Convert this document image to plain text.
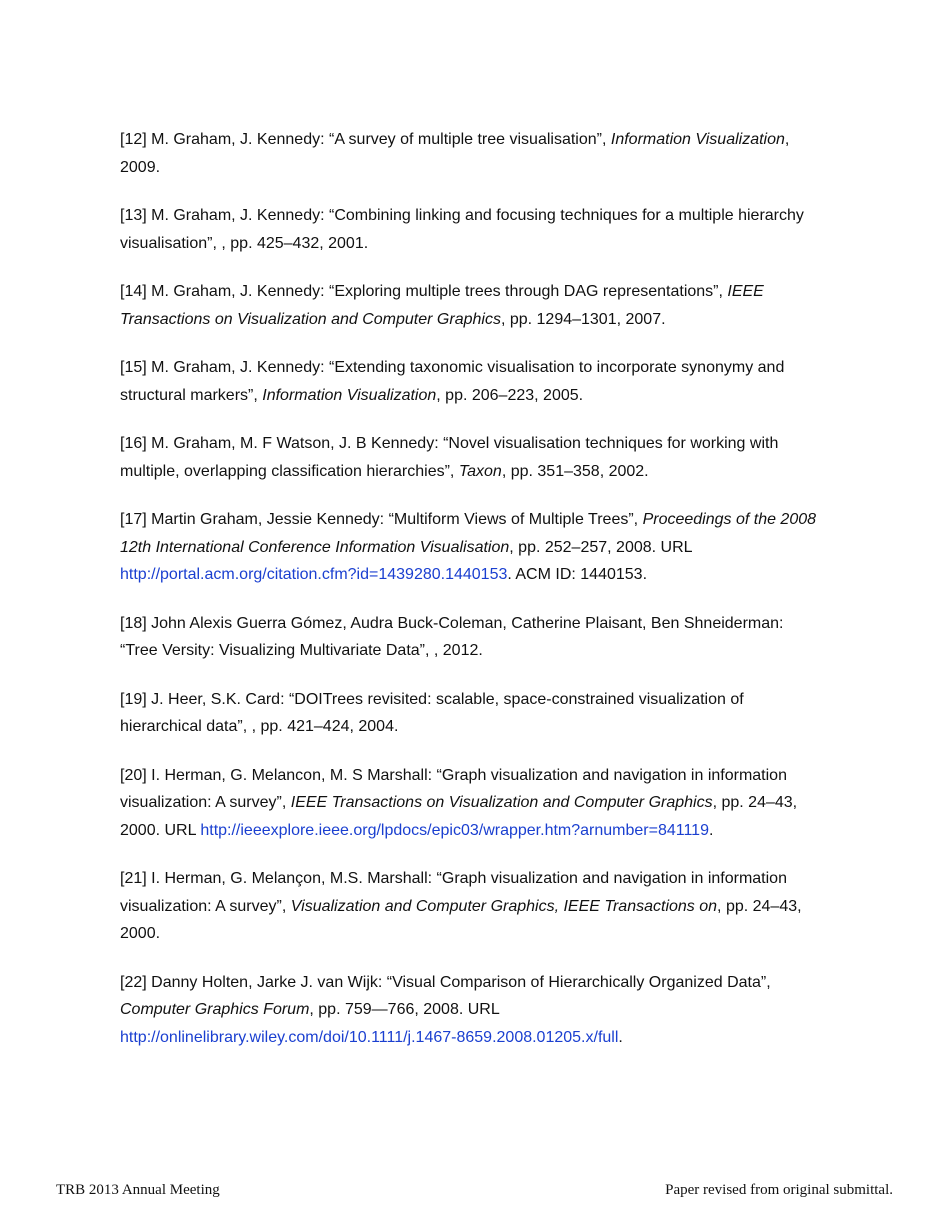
[12] M. Graham, J. Kennedy: “A survey of multiple tree visualisation”, Information Visualization, 2009.

[13] M. Graham, J. Kennedy: “Combining linking and focusing techniques for a multiple hierarchy visualisation”, , pp. 425–432, 2001.

[14] M. Graham, J. Kennedy: “Exploring multiple trees through DAG representations”, IEEE Transactions on Visualization and Computer Graphics, pp. 1294–1301, 2007.

[15] M. Graham, J. Kennedy: “Extending taxonomic visualisation to incorporate synonymy and structural markers”, Information Visualization, pp. 206–223, 2005.

[16] M. Graham, M. F Watson, J. B Kennedy: “Novel visualisation techniques for working with multiple, overlapping classification hierarchies”, Taxon, pp. 351–358, 2002.

[17] Martin Graham, Jessie Kennedy: “Multiform Views of Multiple Trees”, Proceedings of the 2008 12th International Conference Information Visualisation, pp. 252–257, 2008. URL http://portal.acm.org/citation.cfm?id=1439280.1440153. ACM ID: 1440153.

[18] John Alexis Guerra Gómez, Audra Buck-Coleman, Catherine Plaisant, Ben Shneiderman: “Tree Versity: Visualizing Multivariate Data”, , 2012.

[19] J. Heer, S.K. Card: “DOITrees revisited: scalable, space-constrained visualization of hierarchical data”, , pp. 421–424, 2004.

[20] I. Herman, G. Melancon, M. S Marshall: “Graph visualization and navigation in information visualization: A survey”, IEEE Transactions on Visualization and Computer Graphics, pp. 24–43, 2000. URL http://ieeexplore.ieee.org/lpdocs/epic03/wrapper.htm?arnumber=841119.

[21] I. Herman, G. Melançon, M.S. Marshall: “Graph visualization and navigation in information visualization: A survey”, Visualization and Computer Graphics, IEEE Transactions on, pp. 24–43, 2000.

[22] Danny Holten, Jarke J. van Wijk: “Visual Comparison of Hierarchically Organized Data”, Computer Graphics Forum, pp. 759—766, 2008. URL http://onlinelibrary.wiley.com/doi/10.1111/j.1467-8659.2008.01205.x/full.

TRB 2013 Annual Meeting	Paper revised from original submittal.
